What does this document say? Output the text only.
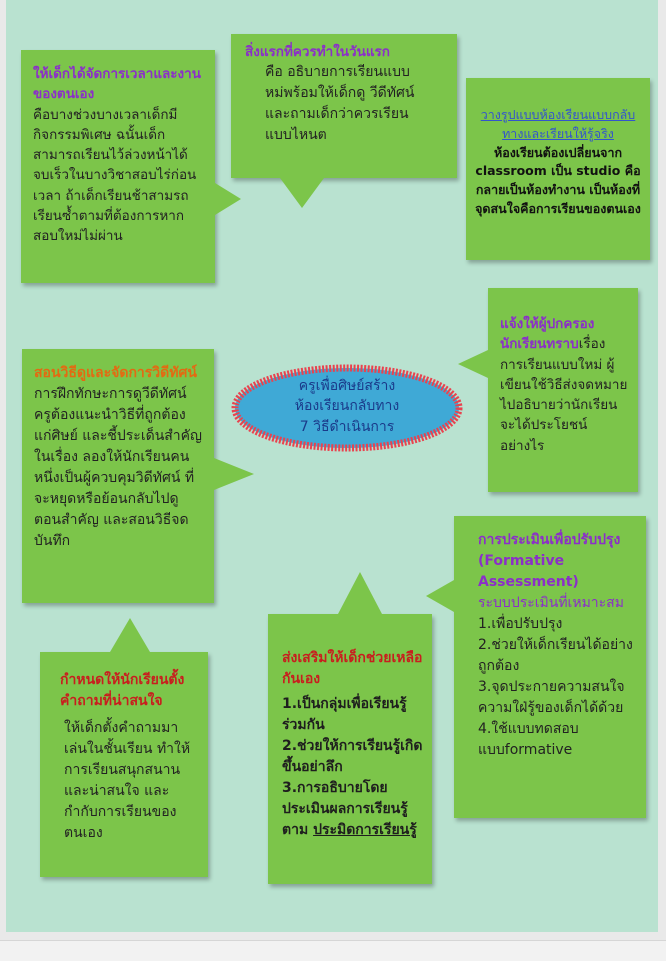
ครูเพื่อศิษย์สร้าง
ห้องเรียนกลับทาง
7 วิธีดำเนินการ
ให้เด็กได้จัดการเวลาและงานของตนเอง
คือบางช่วงบางเวลาเด็กมีกิจกรรมพิเศษ ฉนั้นเด็กสามารถเรียนไว้ล่วงหน้าได้ จบเร็วในบางวิชาสอบไร่ก่อนเวลา ถ้าเด็กเรียนช้าสามรถเรียนซ้ำตามที่ต้องการหากสอบใหม่ไม่ผ่าน
สิ่งแรกที่ควรทำในวันแรก
คือ อธิบายการเรียนแบบหม่พร้อมให้เด็กดู วีดีทัศน์ และถามเด็กว่าควรเรียนแบบไหนต
วางรูปแบบห้องเรียนแบบกลับทางและเรียนให้รู้จริง
ห้องเรียนต้องเปลี่ยนจาก classroom เป็น studio คือกลายเป็นห้องทำงาน เป็นห้องที่จุดสนใจคือการเรียนของตนเอง
แจ้งให้ผู้ปกครองนักเรียนทราบเรื่องการเรียนแบบใหม่ ผู้เขียนใช้วิธีส่งจดหมายไปอธิบายว่านักเรียนจะได้ประโยชน์อย่างไร
สอนวิธีดูและจัดการวิดีทัศน์
การฝึกทักษะการดูวีดีทัศน์ ครูต้องแนะนำวิธีที่ถูกต้องแก่ศิษย์ และชี้ประเด็นสำคัญในเรื่อง ลองให้นักเรียนคนหนึ่งเป็นผู้ควบคุมวิดีทัศน์ ที่จะหยุดหรือย้อนกลับไปดูตอนสำคัญ และสอนวิธีจดบันทึก	การประเมินเพื่อปรับปรุง (Formative Assessment)
ระบบประเมินที่เหมาะสม
1.เพื่อปรับปรุง
2.ช่วยให้เด็กเรียนได้อย่างถูกต้อง
3.จุดประกายความสนใจ ความใฝ่รู้ของเด็กได้ด้วย
4.ใช้แบบทดสอบแบบformative
กำหนดให้นักเรียนตั้งคำถามที่น่าสนใจ
ให้เด็กตั้งคำถามมาเล่นในชั้นเรียน ทำให้การเรียนสนุกสนานและน่าสนใจ และกำกับการเรียนของตนเอง
ส่งเสริมให้เด็กช่วยเหลือกันเอง
1.เป็นกลุ่มเพื่อเรียนรู้ร่วมกัน
2.ช่วยให้การเรียนรู้เกิดขึ้นอย่าลึก
3.การอธิบายโดยประเมินผลการเรียนรู้ ตาม ประมิดการเรียนรู้
